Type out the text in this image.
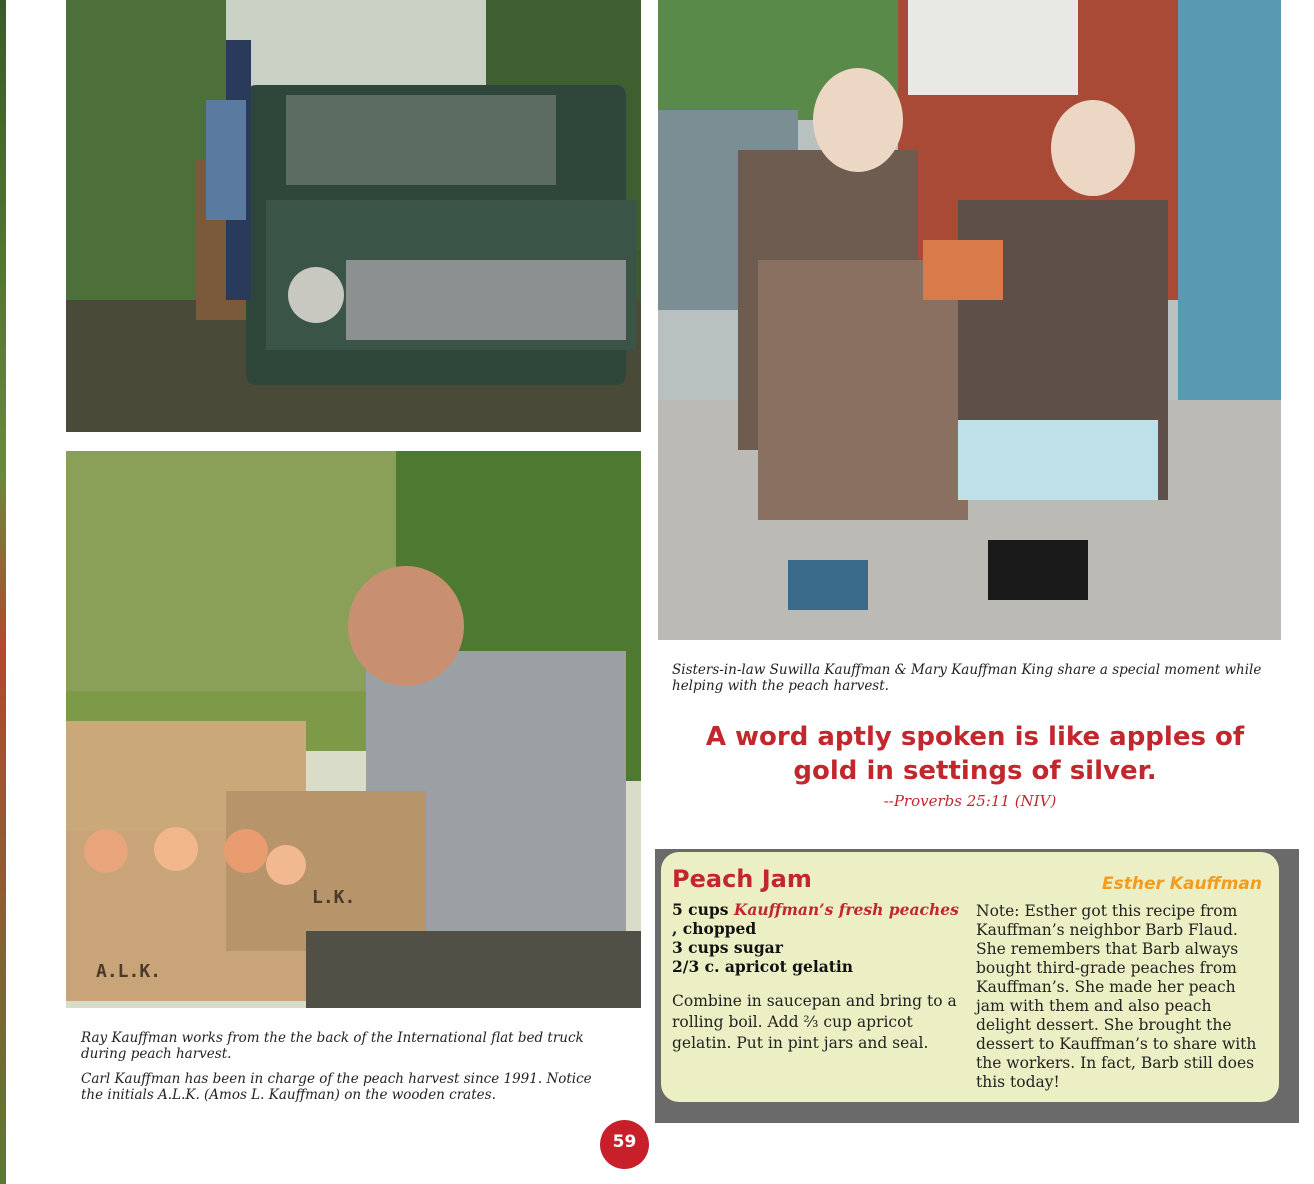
A.L.K.
L.K.
Sisters-in-law Suwilla Kauffman & Mary Kauffman King share a special moment while helping with the peach harvest.
Ray Kauffman works from the the back of the International flat bed truck during peach harvest.
Carl Kauffman has been in charge of the peach harvest since 1991. Notice the initials A.L.K. (Amos L. Kauffman) on the wooden crates.
A word aptly spoken is like apples of gold in settings of silver.
--Proverbs 25:11 (NIV)
Peach Jam	Esther Kauffman
5 cups Kauffman’s fresh peaches , chopped
3 cups sugar
2/3 c. apricot gelatin
Combine in saucepan and bring to a rolling boil. Add ⅔ cup apricot gelatin. Put in pint jars and seal.
Note: Esther got this recipe from Kauffman’s neighbor Barb Flaud. She remembers that Barb always bought third-grade peaches from Kauffman’s. She made her peach jam with them and also peach delight dessert. She brought the dessert to Kauffman’s to share with the workers. In fact, Barb still does this today!
59
